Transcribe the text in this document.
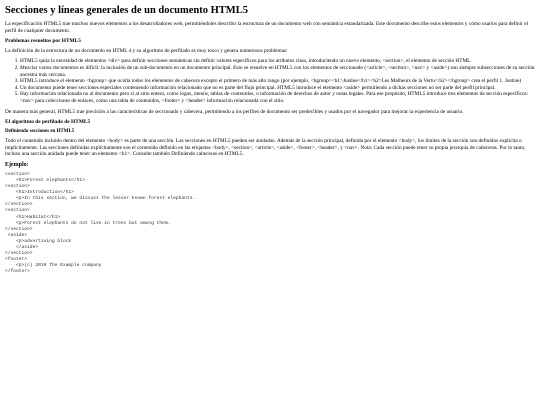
Secciones y líneas generales de un documento HTML5

La especificación HTML5 trae muchos nuevos elementos a los desarrolladores web, permitiéndoles describir la estructura de un documento web con semántica estandarizada. Este documento describe estos elementos y cómo usarlos para definir el perfil de cualquier documento.

Problemas resueltos por HTML5

La definición de la estructura de un documento en HTML 4 y su algoritmo de perfilado es muy tosco y genera numerosos problemas:

1. HTML5 quita la necesidad de elementos <div> para definir secciones semánticas sin definir valores específicos para los atributos class, introduciendo un nuevo elemento, <section>, el elemento de sección HTML.
2. Mezclar varios documentos es difícil: la inclusión de un sub-documento en un documento principal. Esto se resuelve en HTML5 con los elementos de seccionado (<article>, <section>, <nav> y <aside>) son siempre subsecciones de su sección ancestra más cercana.
3. HTML5 introduce el elemento <hgroup> que oculta todos los elementos de cabecera excepto el primero de más alto rango (por ejemplo, <hgroup><h1>Justine</h1><h2>Les Malheurs de la Vertu</h2></hgroup> crea el perfil 1. Justine)
4. Un documento puede tener secciones especiales conteniendo información relacionado que no es parte del flujo principal. HTML5 introduce el elemento <aside> permitiendo a dichas secciones no ser parte del perfil principal.
5. Hay información relacionada no al documento pero sí al sitio entero, como logos, menús, tablas de contenidos, o información de derechos de autor y notas legales. Para ese propósito, HTML5 introduce tres elementos de sección específicos: <nav> para colecciones de enlaces, como una tabla de contenidos, <footer> y <header> información relacionada con el sitio.

De manera más general, HTML5 trae precisión a las características de seccionado y cabecera, permitiendo a los perfiles de documento ser predecibles y usados por el navegador para mejorar la experiencia de usuario.

El algoritmo de perfilado de HTML5
Definiendo secciones en HTML5

Todo el contenido incluido dentro del elemento <body> es parte de una sección. Las secciones en HTML5 pueden ser anidadas. Además de la sección principal, definida por el elemento <body>, los límites de la sección son definidos explícita o implícitamente. Las secciones definidas explícitamente son el contenido definido en las etiquetas <body>, <section>, <article>, <aside>, <footer>, <header>, y <nav>. Nota: Cada sección puede tener su propia jerarquía de cabeceras. Por lo tanto, incluso una sección anidada puede tener un elemento <h1>. Consulte también Definiendo cabeceras en HTML5.

Ejemplo:
<section>
<h1>Forest elephants</h1>
<section>
<h1>Introduction</h1>
<p>In this section, we discuss the lesser known forest elephants.
</section>
<section>
<h1>Habitat</h1>
<p>Forest elephants do not live in trees but among them.
</section>
<aside>
<p>advertising block
</aside>
</section>
<footer>
<p>(c) 2010 The Example company
</footer>
